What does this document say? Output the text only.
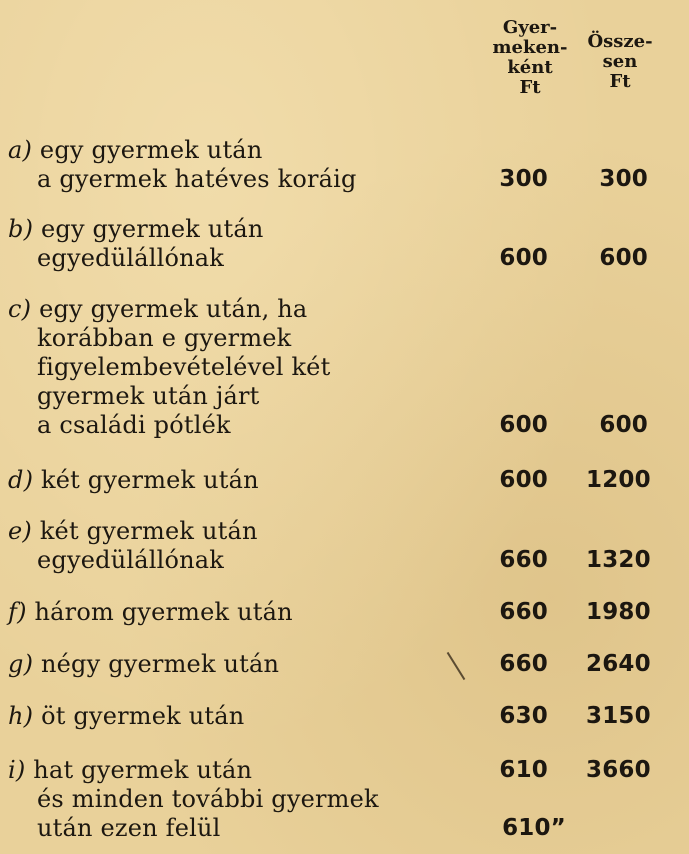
Gyer-
meken-
ként
Ft
Össze-
sen
Ft
a) egy gyermek után
a gyermek hatéves koráig	300	300
b) egy gyermek után
egyedülállónak	600	600
c) egy gyermek után, ha
korábban e gyermek
figyelembevételével két
gyermek után járt
a családi pótlék	600	600
d) két gyermek után	600 1200
e) két gyermek után
egyedülállónak	660 1320
f) három gyermek után	660 1980
g) négy gyermek után	660 2640
h) öt gyermek után	630 3150
i) hat gyermek után	610 3660
és minden további gyermek
után ezen felül	610”
